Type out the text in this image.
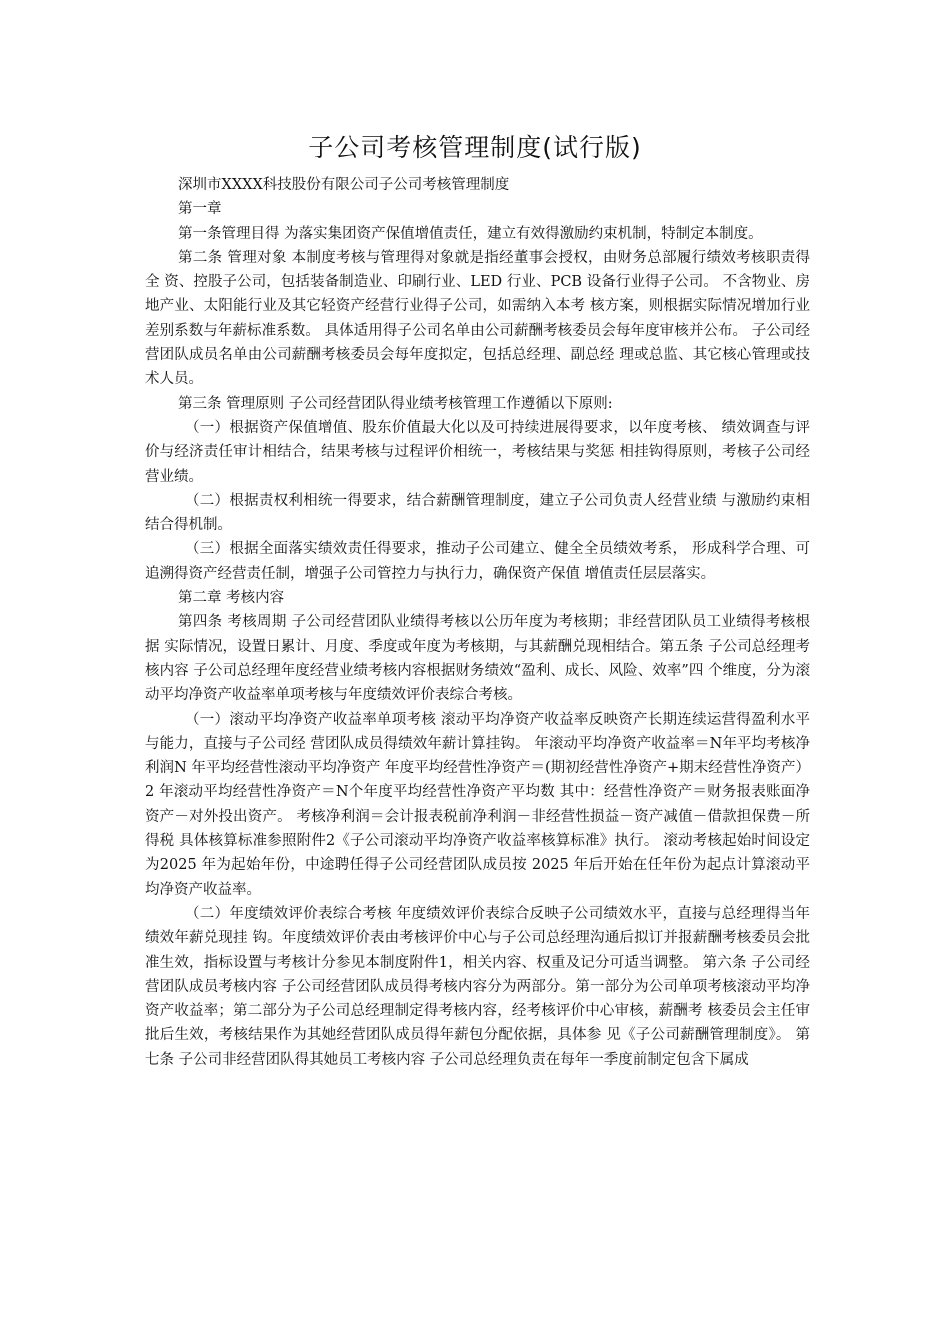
子公司考核管理制度(试行版)

深圳市XXXX科技股份有限公司子公司考核管理制度

第一章

第一条管理目得 为落实集团资产保值增值责任，建立有效得激励约束机制，特制定本制度。

第二条 管理对象 本制度考核与管理得对象就是指经董事会授权，由财务总部履行绩效考核职责得全 资、控股子公司，包括装备制造业、印刷行业、LED 行业、PCB 设备行业得子公司。 不含物业、房地产业、太阳能行业及其它轻资产经营行业得子公司，如需纳入本考 核方案，则根据实际情况增加行业差别系数与年薪标准系数。 具体适用得子公司名单由公司薪酬考核委员会每年度审核并公布。 子公司经营团队成员名单由公司薪酬考核委员会每年度拟定，包括总经理、副总经 理或总监、其它核心管理或技术人员。

第三条 管理原则 子公司经营团队得业绩考核管理工作遵循以下原则:

（一）根据资产保值增值、股东价值最大化以及可持续进展得要求，以年度考核、 绩效调查与评价与经济责任审计相结合，结果考核与过程评价相统一，考核结果与奖惩 相挂钩得原则，考核子公司经营业绩。

（二）根据责权利相统一得要求，结合薪酬管理制度，建立子公司负责人经营业绩 与激励约束相结合得机制。

（三）根据全面落实绩效责任得要求，推动子公司建立、健全全员绩效考系， 形成科学合理、可追溯得资产经营责任制，增强子公司管控力与执行力，确保资产保值 增值责任层层落实。

第二章 考核内容

第四条 考核周期 子公司经营团队业绩得考核以公历年度为考核期；非经营团队员工业绩得考核根据 实际情况，设置日累计、月度、季度或年度为考核期，与其薪酬兑现相结合。第五条 子公司总经理考核内容 子公司总经理年度经营业绩考核内容根据财务绩效“盈利、成长、风险、效率”四 个维度，分为滚动平均净资产收益率单项考核与年度绩效评价表综合考核。

（一）滚动平均净资产收益率单项考核 滚动平均净资产收益率反映资产长期连续运营得盈利水平与能力，直接与子公司经 营团队成员得绩效年薪计算挂钩。 年滚动平均净资产收益率＝N年平均考核净利润N 年平均经营性滚动平均净资产 年度平均经营性净资产＝(期初经营性净资产+期末经营性净资产）2 年滚动平均经营性净资产＝N个年度平均经营性净资产平均数 其中：经营性净资产＝财务报表账面净资产－对外投出资产。 考核净利润＝会计报表税前净利润－非经营性损益－资产减值－借款担保费－所得税 具体核算标准参照附件2《子公司滚动平均净资产收益率核算标准》执行。 滚动考核起始时间设定为2025 年为起始年份，中途聘任得子公司经营团队成员按 2025 年后开始在任年份为起点计算滚动平均净资产收益率。

（二）年度绩效评价表综合考核 年度绩效评价表综合反映子公司绩效水平，直接与总经理得当年绩效年薪兑现挂 钩。年度绩效评价表由考核评价中心与子公司总经理沟通后拟订并报薪酬考核委员会批 准生效，指标设置与考核计分参见本制度附件1，相关内容、权重及记分可适当调整。 第六条 子公司经营团队成员考核内容 子公司经营团队成员得考核内容分为两部分。第一部分为公司单项考核滚动平均净 资产收益率；第二部分为子公司总经理制定得考核内容，经考核评价中心审核，薪酬考 核委员会主任审批后生效，考核结果作为其她经营团队成员得年薪包分配依据，具体参 见《子公司薪酬管理制度》。 第七条 子公司非经营团队得其她员工考核内容 子公司总经理负责在每年一季度前制定包含下属成
